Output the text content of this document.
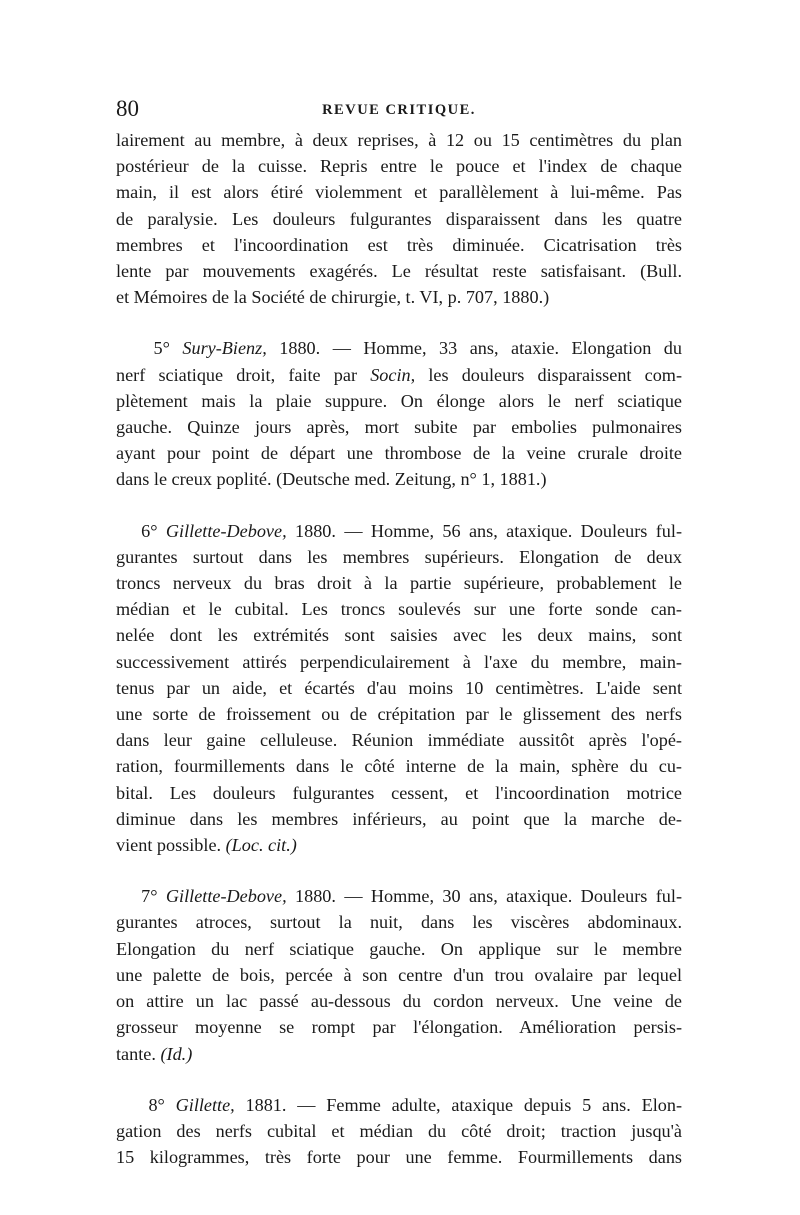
80	REVUE CRITIQUE.

lairement au membre, à deux reprises, à 12 ou 15 centimètres du plan
postérieur de la cuisse. Repris entre le pouce et l'index de chaque
main, il est alors étiré violemment et parallèlement à lui-même. Pas
de paralysie. Les douleurs fulgurantes disparaissent dans les quatre
membres et l'incoordination est très diminuée. Cicatrisation très
lente par mouvements exagérés. Le résultat reste satisfaisant. (Bull.
et Mémoires de la Société de chirurgie, t. VI, p. 707, 1880.)

5° Sury-Bienz, 1880. — Homme, 33 ans, ataxie. Elongation du
nerf sciatique droit, faite par Socin, les douleurs disparaissent com-
plètement mais la plaie suppure. On élonge alors le nerf sciatique
gauche. Quinze jours après, mort subite par embolies pulmonaires
ayant pour point de départ une thrombose de la veine crurale droite
dans le creux poplité. (Deutsche med. Zeitung, n° 1, 1881.)

6° Gillette-Debove, 1880. — Homme, 56 ans, ataxique. Douleurs ful-
gurantes surtout dans les membres supérieurs. Elongation de deux
troncs nerveux du bras droit à la partie supérieure, probablement le
médian et le cubital. Les troncs soulevés sur une forte sonde can-
nelée dont les extrémités sont saisies avec les deux mains, sont
successivement attirés perpendiculairement à l'axe du membre, main-
tenus par un aide, et écartés d'au moins 10 centimètres. L'aide sent
une sorte de froissement ou de crépitation par le glissement des nerfs
dans leur gaine celluleuse. Réunion immédiate aussitôt après l'opé-
ration, fourmillements dans le côté interne de la main, sphère du cu-
bital. Les douleurs fulgurantes cessent, et l'incoordination motrice
diminue dans les membres inférieurs, au point que la marche de-
vient possible. (Loc. cit.)

7° Gillette-Debove, 1880. — Homme, 30 ans, ataxique. Douleurs ful-
gurantes atroces, surtout la nuit, dans les viscères abdominaux.
Elongation du nerf sciatique gauche. On applique sur le membre
une palette de bois, percée à son centre d'un trou ovalaire par lequel
on attire un lac passé au-dessous du cordon nerveux. Une veine de
grosseur moyenne se rompt par l'élongation. Amélioration persis-
tante. (Id.)

8° Gillette, 1881. — Femme adulte, ataxique depuis 5 ans. Elon-
gation des nerfs cubital et médian du côté droit; traction jusqu'à
15 kilogrammes, très forte pour une femme. Fourmillements dans
